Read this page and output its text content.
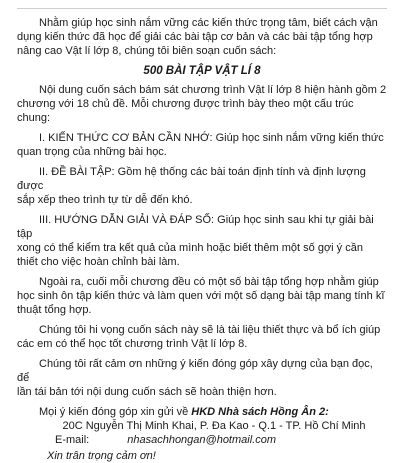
Nhằm giúp học sinh nắm vững các kiến thức trọng tâm, biết cách vận

dụng kiến thức đã học để giải các bài tập cơ bản và các bài tập tổng hợp

nâng cao Vật lí lớp 8, chúng tôi biên soạn cuốn sách:

500 BÀI TẬP VẬT LÍ 8

Nội dung cuốn sách bám sát chương trình Vật lí lớp 8 hiện hành gồm 2

chương với 18 chủ đề. Mỗi chương được trình bày theo một cấu trúc chung:

I. KIẾN THỨC CƠ BẢN CẦN NHỚ: Giúp học sinh nắm vững kiến thức

quan trọng của những bài học.

II. ĐỀ BÀI TẬP: Gồm hệ thống các bài toán định tính và định lượng được

sắp xếp theo trình tự từ dễ đến khó.

III. HƯỚNG DẪN GIẢI VÀ ĐÁP SỐ: Giúp học sinh sau khi tự giải bài tập

xong có thể kiểm tra kết quả của mình hoặc biết thêm một số gợi ý cần

thiết cho việc hoàn chỉnh bài làm.

Ngoài ra, cuối mỗi chương đều có một số bài tập tổng hợp nhằm giúp

học sinh ôn tập kiến thức và làm quen với một số dạng bài tập mang tính kĩ

thuật tổng hợp.

Chúng tôi hi vọng cuốn sách này sẽ là tài liệu thiết thực và bổ ích giúp

các em có thể học tốt chương trình Vật lí lớp 8.

Chúng tôi rất cảm ơn những ý kiến đóng góp xây dựng của bạn đọc, để

lần tái bản tới nội dung cuốn sách sẽ hoàn thiện hơn.

Mọi ý kiến đóng góp xin gửi về HKD Nhà sách Hồng Ân 2:

20C Nguyễn Thị Minh Khai, P. Đa Kao - Q.1 - TP. Hồ Chí Minh

E-mail:	nhasachhongan@hotmail.com

Xin trân trọng cảm ơn!
